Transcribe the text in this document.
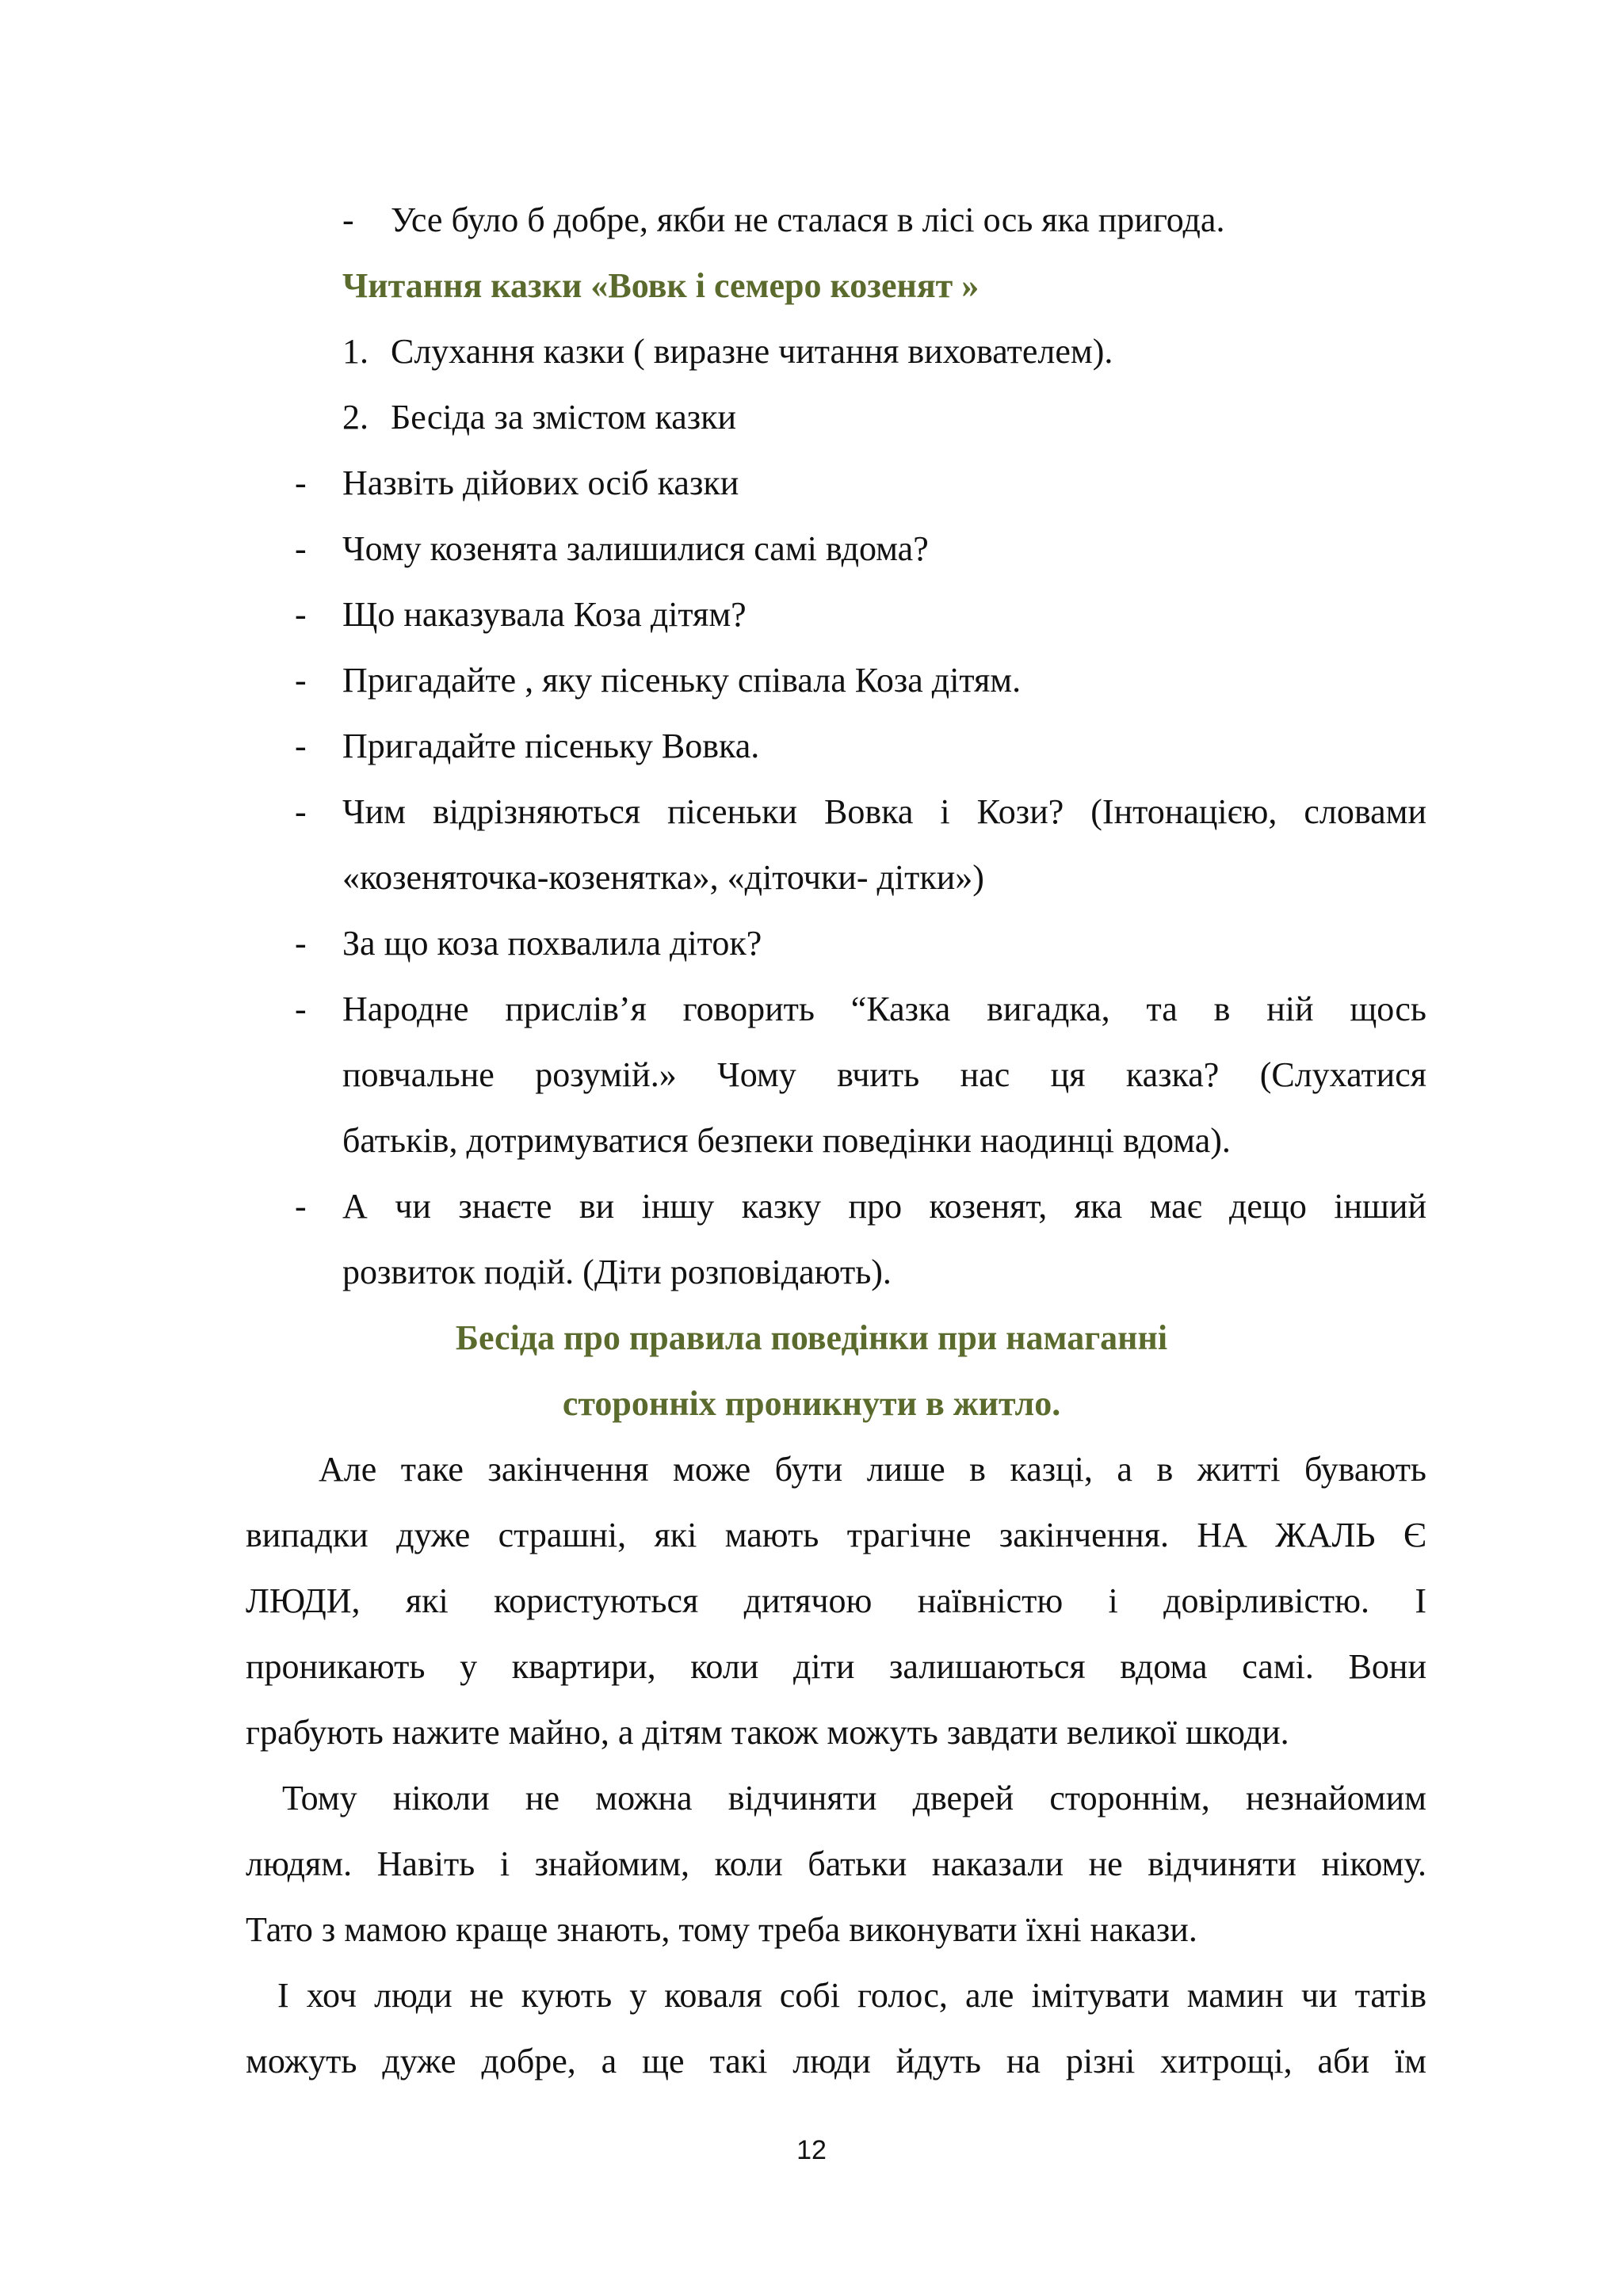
- Усе було б добре, якби не сталася в лісі ось яка пригода.
Читання казки «Вовк і семеро козенят »
1. Слухання казки ( виразне читання вихователем).
2. Бесіда за змістом казки
- Назвіть дійових осіб казки
- Чому козенята залишилися самі вдома?
- Що наказувала Коза дітям?
- Пригадайте , яку пісеньку співала Коза дітям.
- Пригадайте пісеньку Вовка.
- Чим відрізняються пісеньки Вовка і Кози? (Інтонацією, словами
«козеняточка-козенятка», «діточки- дітки»)
- За що коза похвалила діток?
- Народне прислів’я говорить “Казка вигадка, та в ній щось
повчальне розумій.» Чому вчить нас ця казка? (Слухатися
батьків, дотримуватися безпеки поведінки наодинці вдома).
- А чи знаєте ви іншу казку про козенят, яка має дещо інший
розвиток подій. (Діти розповідають).
Бесіда про правила поведінки при намаганні
сторонніх проникнути в житло.
Але таке закінчення може бути лише в казці, а в житті бувають
випадки дуже страшні, які мають трагічне закінчення. НА ЖАЛЬ Є
ЛЮДИ, які користуються дитячою наївністю і довірливістю. І
проникають у квартири, коли діти залишаються вдома самі. Вони
грабують нажите майно, а дітям також можуть завдати великої шкоди.
Тому ніколи не можна відчиняти дверей стороннім, незнайомим
людям. Навіть і знайомим, коли батьки наказали не відчиняти нікому.
Тато з мамою краще знають, тому треба виконувати їхні накази.
І хоч люди не кують у коваля собі голос, але імітувати мамин чи татів
можуть дуже добре, а ще такі люди йдуть на різні хитрощі, аби їм
12
